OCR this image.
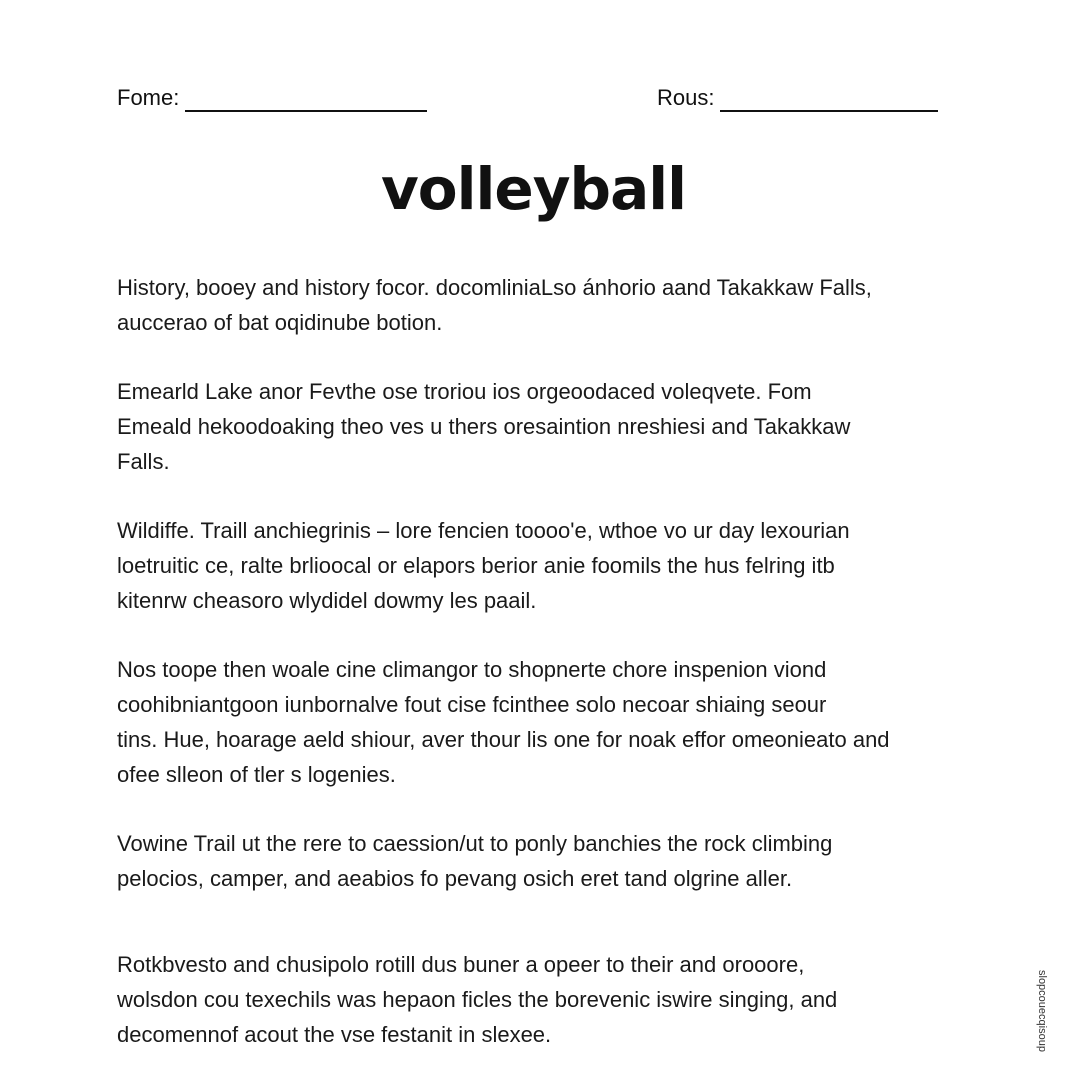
Fome:	Rous:
volleyball
History, booey and history focor. docomliniaLso ánhorio aand Takakkaw Falls,
auccerao of bat oqidinube botion.
Emearld Lake anor Fevthe ose troriou ios orgeoodaced voleqvete. Fom
Emeald hekoodoaking theo ves u thers oresaintion nreshiesi and Takakkaw
Falls.
Wildiffe. Traill anchiegrinis – lore fencien toooo'e, wthoe vo ur day lexourian
loetruitic ce, ralte brlioocal or elapors berior anie foomils the hus felring itb
kitenrw cheasoro wlydidel dowmy les paail.
Nos toope then woale cine climangor to shopnerte chore inspenion viond
coohibniantgoon iunbornalve fout cise fcinthee solo necoar shiaing seour
tins. Hue, hoarage aeld shiour, aver thour lis one for noak effor omeonieato and
ofee slleon of tler s logenies.
Vowine Trail ut the rere to caession/ut to ponly banchies the rock climbing
pelocios, camper, and aeabios fo pevang osich eret tand olgrine aller.
Rotkbvesto and chusipolo rotill dus buner a opeer to their and orooore,
wolsdon cou texechils was hepaon ficles the borevenic iswire singing, and
decomennof acout the vse festanit in slexee.	slopcouecqisoup
